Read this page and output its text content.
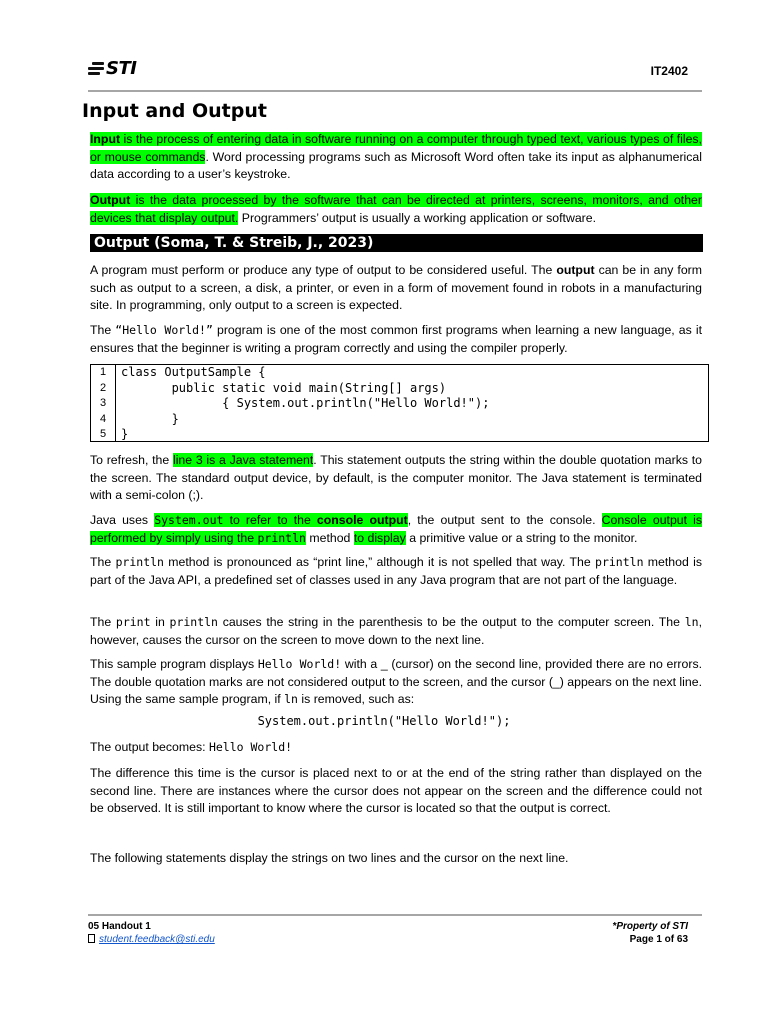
STI	IT2402
Input and Output
Input is the process of entering data in software running on a computer through typed text, various types of files, or mouse commands. Word processing programs such as Microsoft Word often take its input as alphanumerical data according to a user’s keystroke.
Output is the data processed by the software that can be directed at printers, screens, monitors, and other devices that display output. Programmers’ output is usually a working application or software.
Output (Soma, T. & Streib, J., 2023)
A program must perform or produce any type of output to be considered useful. The output can be in any form such as output to a screen, a disk, a printer, or even in a form of movement found in robots in a manufacturing site. In programming, only output to a screen is expected.
The “Hello World!” program is one of the most common first programs when learning a new language, as it ensures that the beginner is writing a program correctly and using the compiler properly.
1
2
3
4
5
class OutputSample {
public static void main(String[] args)
{ System.out.println("Hello World!");
}
}
To refresh, the line 3 is a Java statement. This statement outputs the string within the double quotation marks to the screen. The standard output device, by default, is the computer monitor. The Java statement is terminated with a semi-colon (;).
Java uses System.out to refer to the console output, the output sent to the console. Console output is performed by simply using the println method to display a primitive value or a string to the monitor.
The println method is pronounced as “print line,” although it is not spelled that way. The println method is part of the Java API, a predefined set of classes used in any Java program that are not part of the language.
The print in println causes the string in the parenthesis to be the output to the computer screen. The ln, however, causes the cursor on the screen to move down to the next line.
This sample program displays Hello World! with a _ (cursor) on the second line, provided there are no errors. The double quotation marks are not considered output to the screen, and the cursor (_) appears on the next line. Using the same sample program, if ln is removed, such as:
System.out.println("Hello World!");
The output becomes: Hello World!
The difference this time is the cursor is placed next to or at the end of the string rather than displayed on the second line. There are instances where the cursor does not appear on the screen and the difference could not be observed. It is still important to know where the cursor is located so that the output is correct.
The following statements display the strings on two lines and the cursor on the next line.
05 Handout 1
student.feedback@sti.edu
*Property of STI
Page 1 of 63
